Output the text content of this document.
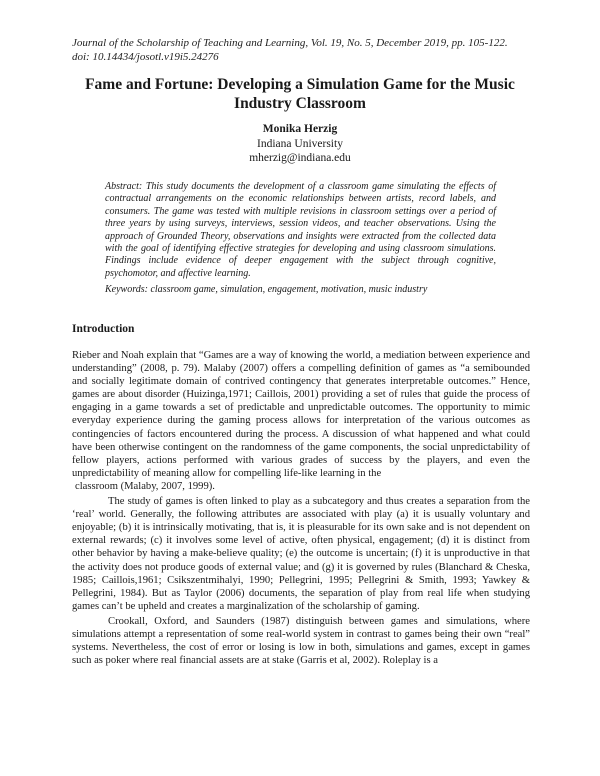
Journal of the Scholarship of Teaching and Learning, Vol. 19, No. 5, December 2019, pp. 105-122.
doi: 10.14434/josotl.v19i5.24276
Fame and Fortune: Developing a Simulation Game for the Music Industry Classroom
Monika Herzig
Indiana University
mherzig@indiana.edu
Abstract: This study documents the development of a classroom game simulating the effects of contractual arrangements on the economic relationships between artists, record labels, and consumers. The game was tested with multiple revisions in classroom settings over a period of three years by using surveys, interviews, session videos, and teacher observations. Using the approach of Grounded Theory, observations and insights were extracted from the collected data with the goal of identifying effective strategies for developing and using classroom simulations. Findings include evidence of deeper engagement with the subject through cognitive, psychomotor, and affective learning.
Keywords: classroom game, simulation, engagement, motivation, music industry
Introduction

Rieber and Noah explain that “Games are a way of knowing the world, a mediation between experience and understanding” (2008, p. 79). Malaby (2007) offers a compelling definition of games as “a semibounded and socially legitimate domain of contrived contingency that generates interpretable outcomes.” Hence, games are about disorder (Huizinga,1971; Caillois, 2001) providing a set of rules that guide the process of engaging in a game towards a set of predictable and unpredictable outcomes. The opportunity to mimic everyday experience during the gaming process allows for interpretation of the various outcomes as contingencies of factors encountered during the process. A discussion of what happened and what could have been otherwise contingent on the randomness of the game components, the social unpredictability of fellow players, actions performed with various grades of success by the players, and even the unpredictability of meaning allow for compelling life-like learning in the

classroom (Malaby, 2007, 1999).

The study of games is often linked to play as a subcategory and thus creates a separation from the ‘real’ world. Generally, the following attributes are associated with play (a) it is usually voluntary and enjoyable; (b) it is intrinsically motivating, that is, it is pleasurable for its own sake and is not dependent on external rewards; (c) it involves some level of active, often physical, engagement; (d) it is distinct from other behavior by having a make-believe quality; (e) the outcome is uncertain; (f) it is unproductive in that the activity does not produce goods of external value; and (g) it is governed by rules (Blanchard & Cheska, 1985; Caillois,1961; Csikszentmihalyi, 1990; Pellegrini, 1995; Pellegrini & Smith, 1993; Yawkey & Pellegrini, 1984). But as Taylor (2006) documents, the separation of play from real life when studying games can’t be upheld and creates a marginalization of the scholarship of gaming.

Crookall, Oxford, and Saunders (1987) distinguish between games and simulations, where simulations attempt a representation of some real-world system in contrast to games being their own “real” systems. Nevertheless, the cost of error or losing is low in both, simulations and games, except in games such as poker where real financial assets are at stake (Garris et al, 2002). Roleplay is a
